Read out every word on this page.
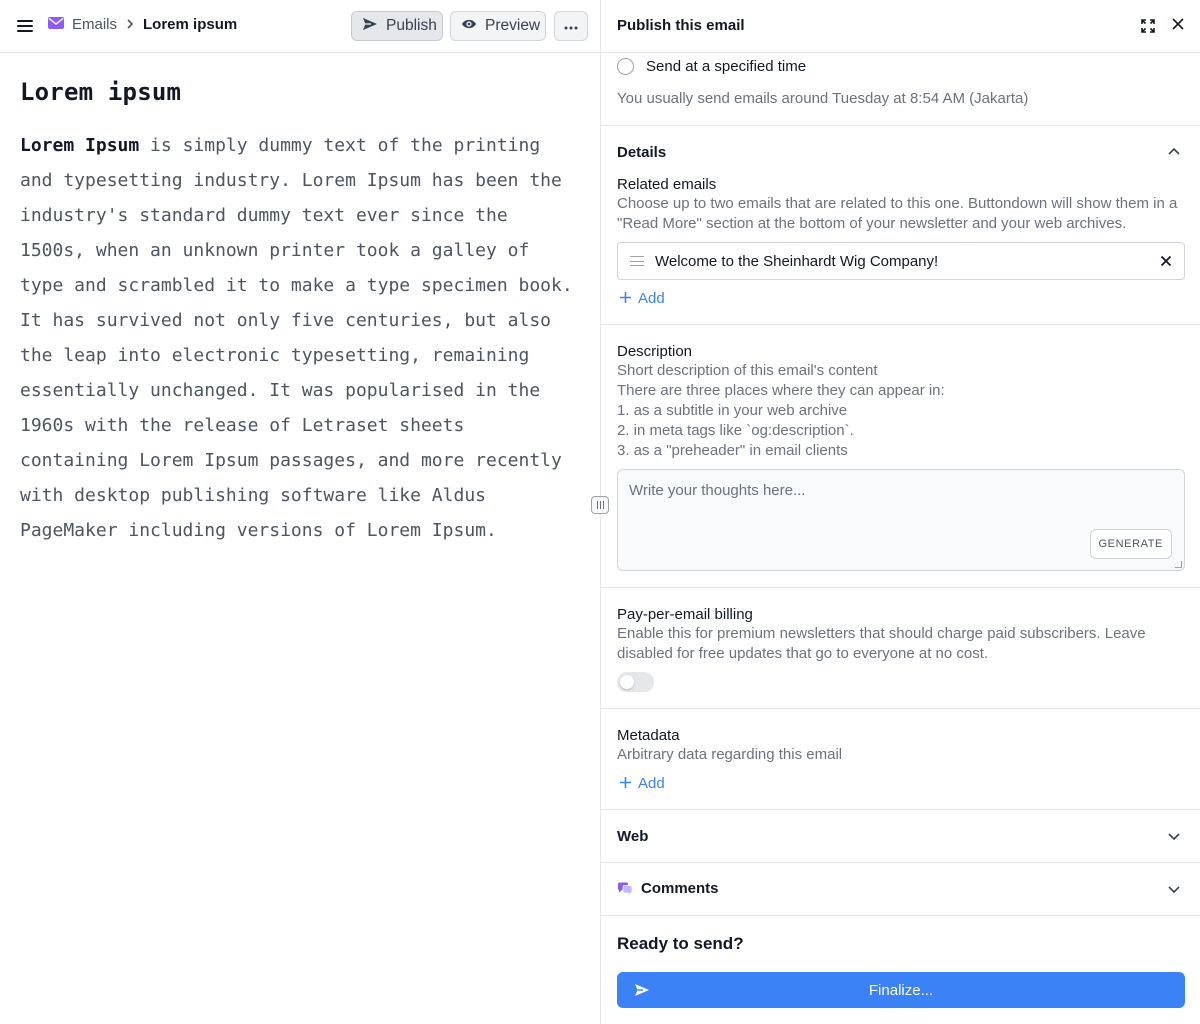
Emails Lorem ipsum	Publish	Preview
Lorem ipsum

Lorem Ipsum is simply dummy text of the printing and typesetting industry. Lorem Ipsum has been the industry's standard dummy text ever since the 1500s, when an unknown printer took a galley of type and scrambled it to make a type specimen book. It has survived not only five centuries, but also the leap into electronic typesetting, remaining essentially unchanged. It was popularised in the 1960s with the release of Letraset sheets containing Lorem Ipsum passages, and more recently with desktop publishing software like Aldus PageMaker including versions of Lorem Ipsum.

Publish this email
Send at a specified time
You usually send emails around Tuesday at 8:54 AM (Jakarta)
Details
Related emails
Choose up to two emails that are related to this one. Buttondown will show them in a "Read More" section at the bottom of your newsletter and your web archives.
Welcome to the Sheinhardt Wig Company!
Add
Description
Short description of this email's content
There are three places where they can appear in:
1. as a subtitle in your web archive
2. in meta tags like `og:description`.
3. as a "preheader" in email clients
Write your thoughts here...
GENERATE
Pay-per-email billing
Enable this for premium newsletters that should charge paid subscribers. Leave disabled for free updates that go to everyone at no cost.
Metadata
Arbitrary data regarding this email
Add
Web
Comments
Ready to send?
Finalize...
